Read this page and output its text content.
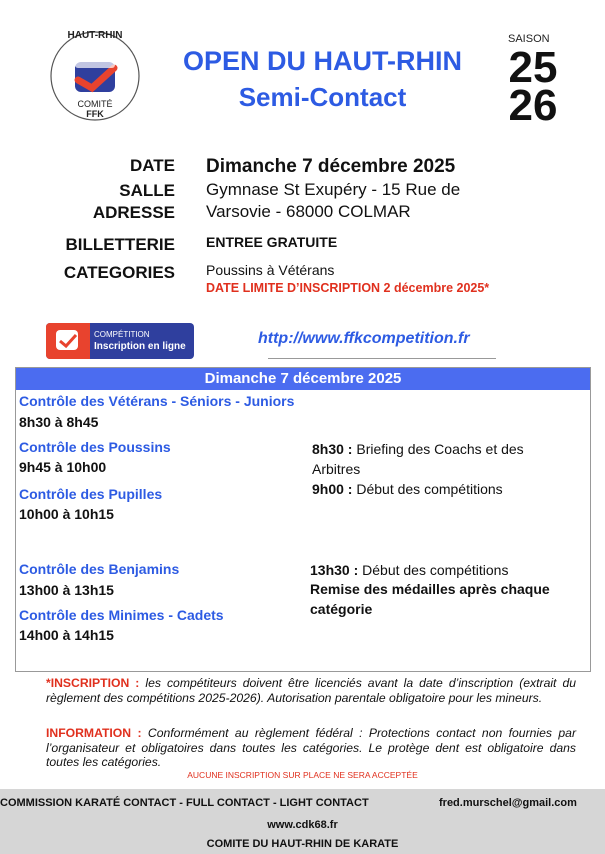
HAUT-RHIN
COMITÉ
FFK
OPEN DU HAUT-RHIN
Semi-Contact
SAISON
25
26
DATE Dimanche 7 décembre 2025
SALLE
ADRESSE
Gymnase St Exupéry - 15 Rue de
Varsovie - 68000 COLMAR
BILLETTERIE ENTREE GRATUITE
CATEGORIES Poussins à Vétérans
DATE LIMITE D’INSCRIPTION 2 décembre 2025*
COMPÉTITION
Inscription en ligne	http://www.ffkcompetition.fr
Dimanche 7 décembre 2025
Contrôle des Vétérans - Séniors - Juniors
8h30 à 8h45
Contrôle des Poussins
9h45 à 10h00
Contrôle des Pupilles
10h00 à 10h15
Contrôle des Benjamins
13h00 à 13h15
Contrôle des Minimes - Cadets
14h00 à 14h15
8h30 : Briefing des Coachs et des Arbitres
9h00 : Début des compétitions
13h30 : Début des compétitions
Remise des médailles après chaque catégorie
*INSCRIPTION : les compétiteurs doivent être licenciés avant la date d’inscription (extrait du règlement des compétitions 2025-2026). Autorisation parentale obligatoire pour les mineurs.
INFORMATION : Conformément au règlement fédéral : Protections contact non fournies par l’organisateur et obligatoires dans toutes les catégories. Le protège dent est obligatoire dans toutes les catégories.
AUCUNE INSCRIPTION SUR PLACE NE SERA ACCEPTÉE
COMMISSION KARATÉ CONTACT - FULL CONTACT - LIGHT CONTACT	fred.murschel@gmail.com
www.cdk68.fr
COMITE DU HAUT-RHIN DE KARATE
